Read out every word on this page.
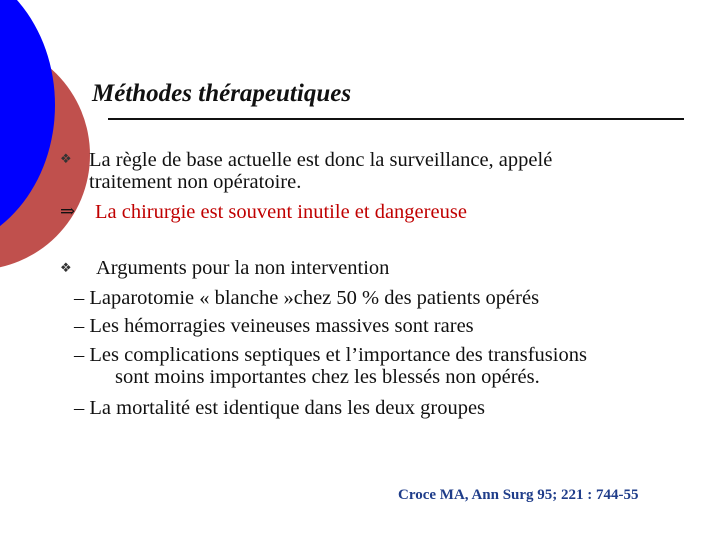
Méthodes thérapeutiques
❖ La règle de base actuelle est donc la surveillance, appelé
traitement non opératoire.
⇒ La chirurgie est souvent inutile et dangereuse
❖ Arguments pour la non intervention
– Laparotomie « blanche »chez 50 % des patients opérés
– Les hémorragies veineuses massives sont rares
– Les complications septiques et l’importance des transfusions
sont moins importantes chez les blessés non opérés.
– La mortalité est identique dans les deux groupes
Croce MA, Ann Surg 95; 221 : 744-55
